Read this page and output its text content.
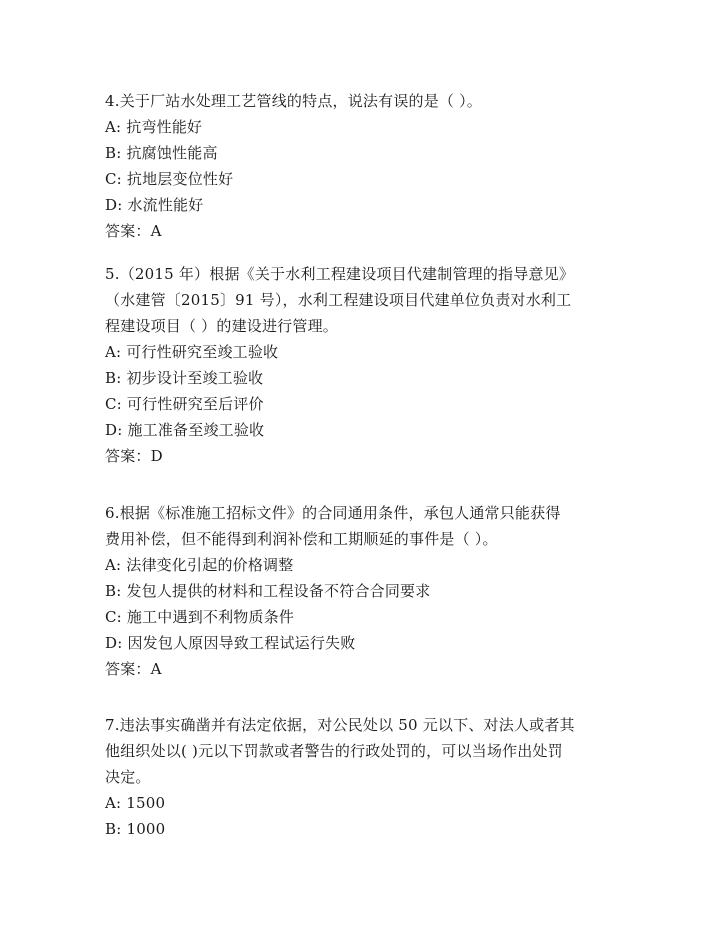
4.关于厂站水处理工艺管线的特点，说法有误的是（ ）。
A: 抗弯性能好
B: 抗腐蚀性能高
C: 抗地层变位性好
D: 水流性能好
答案：A
5.（2015 年）根据《关于水利工程建设项目代建制管理的指导意见》
（水建管〔2015〕91 号），水利工程建设项目代建单位负责对水利工
程建设项目（ ）的建设进行管理。
A: 可行性研究至竣工验收
B: 初步设计至竣工验收
C: 可行性研究至后评价
D: 施工准备至竣工验收
答案：D
6.根据《标准施工招标文件》的合同通用条件，承包人通常只能获得
费用补偿，但不能得到利润补偿和工期顺延的事件是（ ）。
A: 法律变化引起的价格调整
B: 发包人提供的材料和工程设备不符合合同要求
C: 施工中遇到不利物质条件
D: 因发包人原因导致工程试运行失败
答案：A
7.违法事实确凿并有法定依据，对公民处以 50 元以下、对法人或者其
他组织处以( )元以下罚款或者警告的行政处罚的，可以当场作出处罚
决定。
A: 1500
B: 1000
